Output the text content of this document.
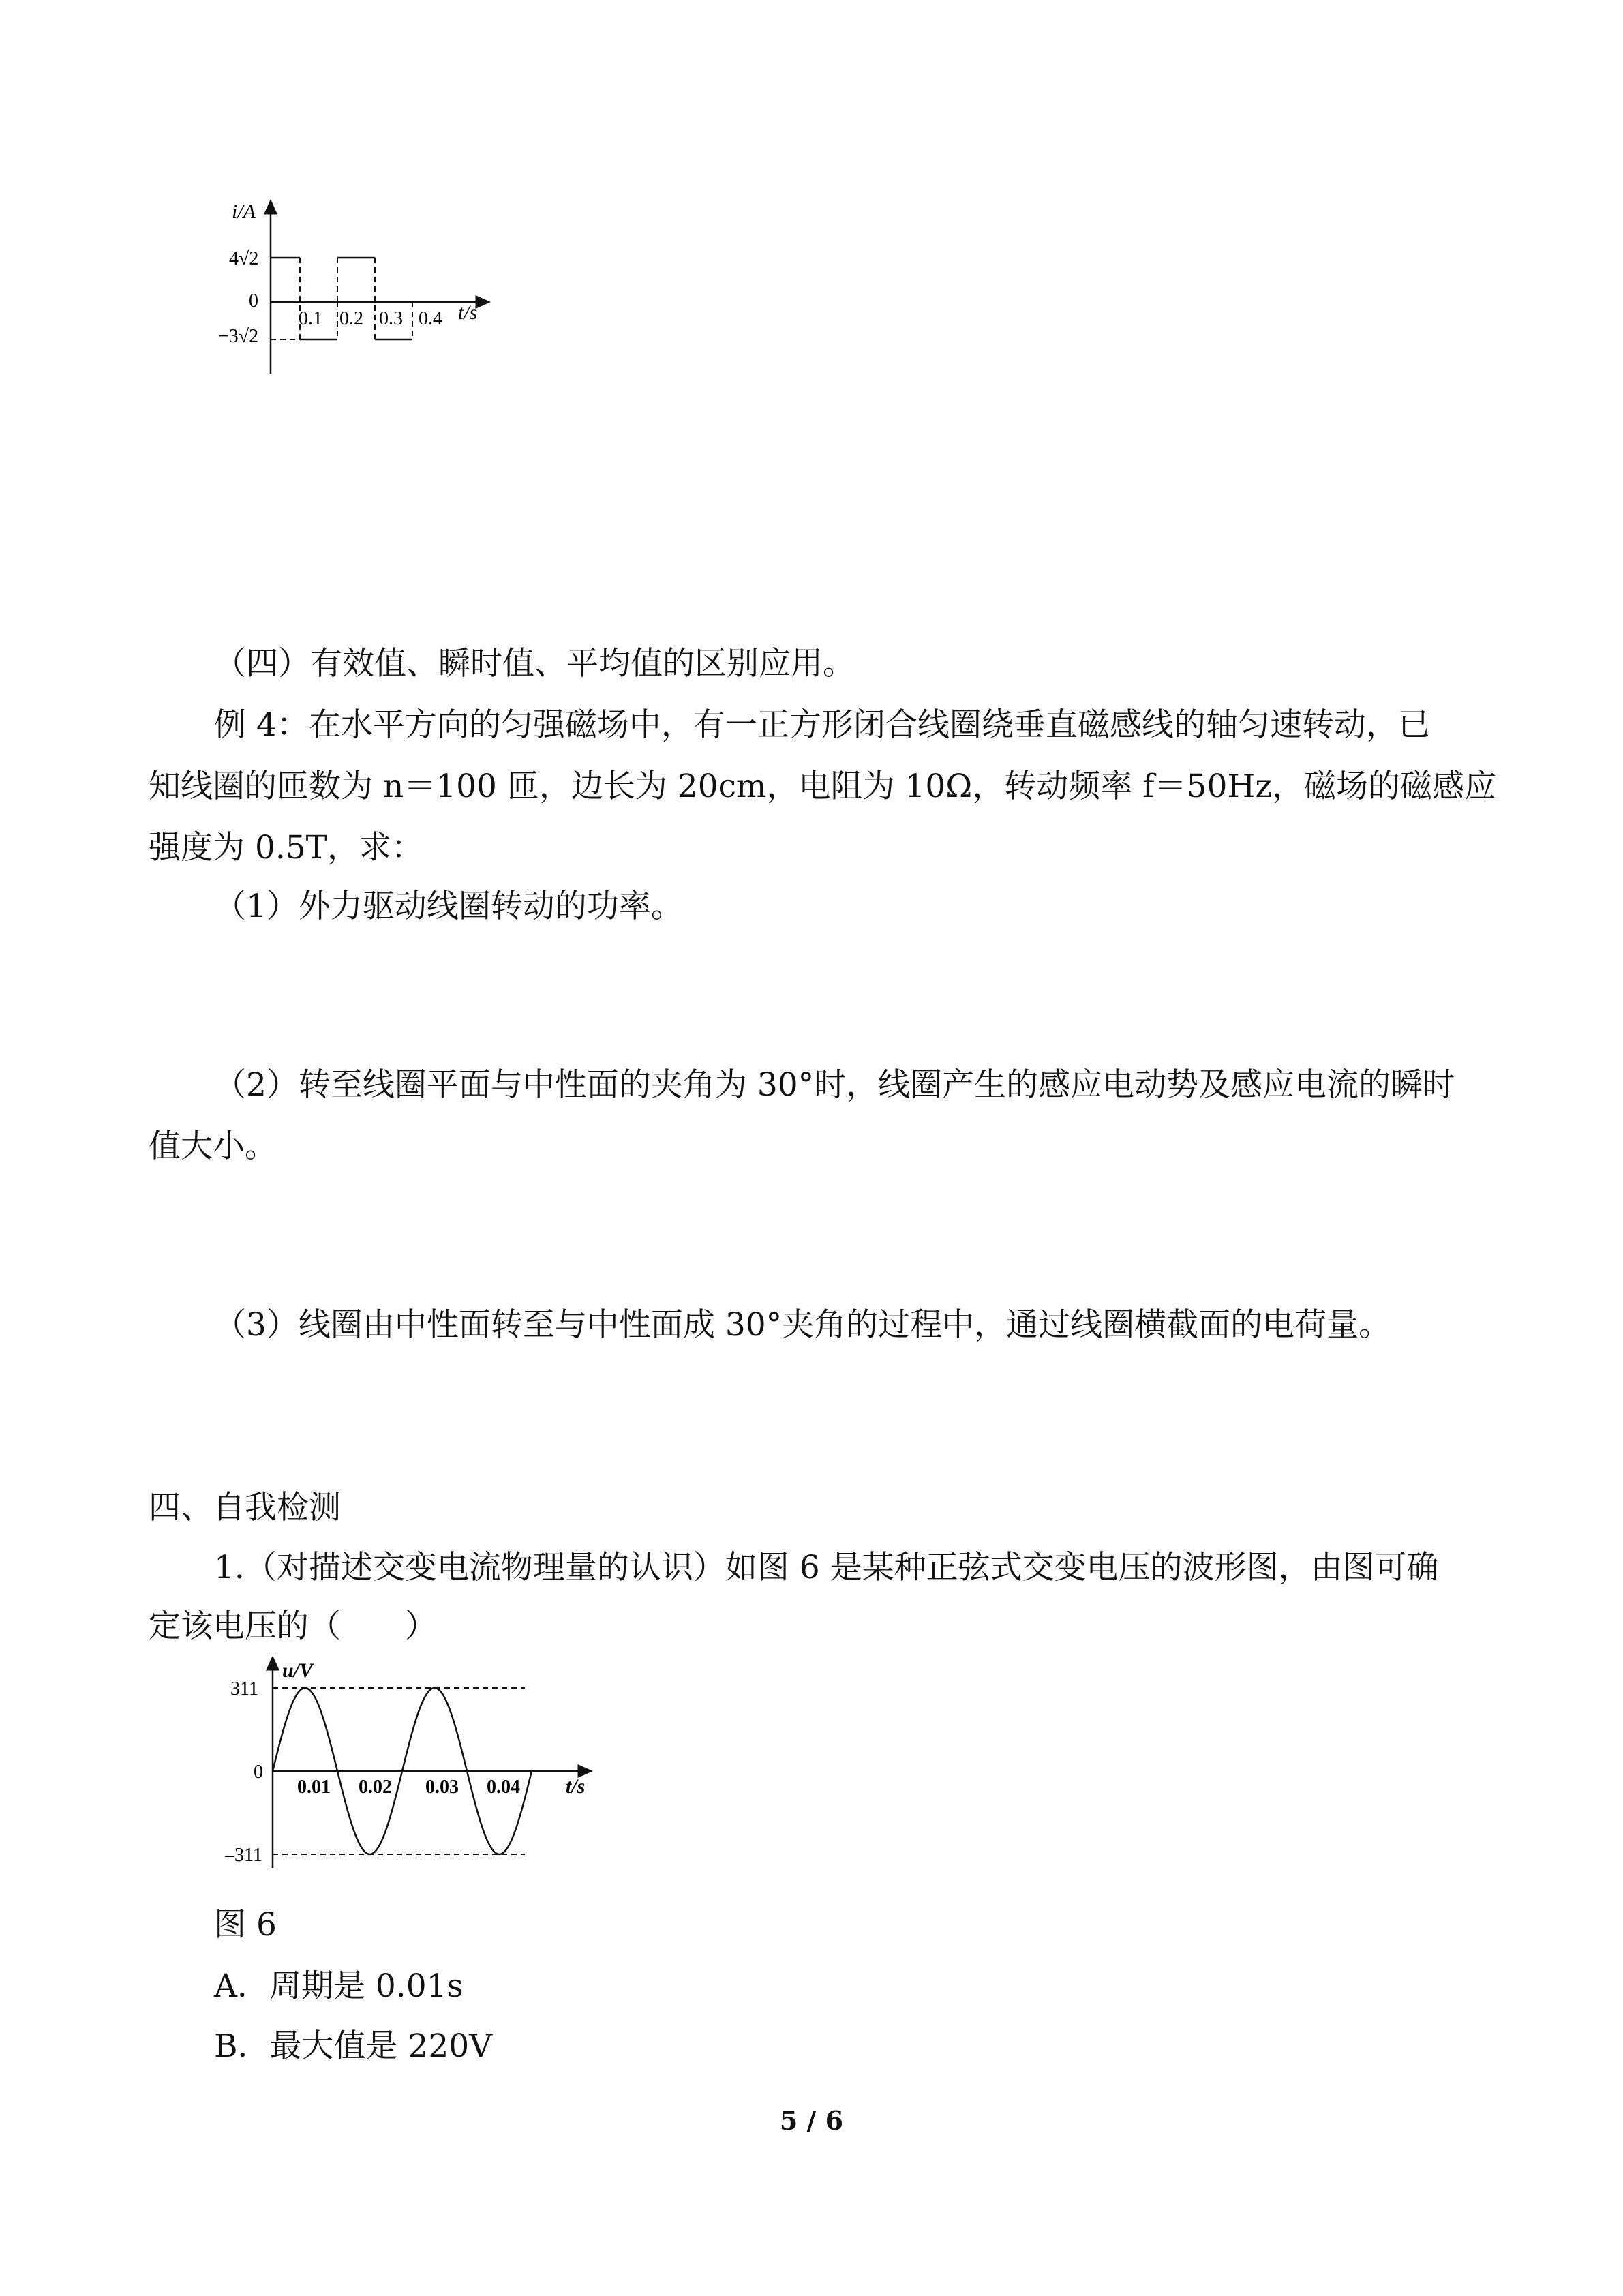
i/A
4√2
0
−3√2
0.1 0.2 0.3 0.4 t/s
（四）有效值、瞬时值、平均值的区别应用。
例 4：在水平方向的匀强磁场中，有一正方形闭合线圈绕垂直磁感线的轴匀速转动，已
知线圈的匝数为 n＝100 匝，边长为 20cm，电阻为 10Ω，转动频率 f＝50Hz，磁场的磁感应
强度为 0.5T，求：
（1）外力驱动线圈转动的功率。
（2）转至线圈平面与中性面的夹角为 30°时，线圈产生的感应电动势及感应电流的瞬时
值大小。
（3）线圈由中性面转至与中性面成 30°夹角的过程中，通过线圈横截面的电荷量。
四、自我检测
1.（对描述交变电流物理量的认识）如图 6 是某种正弦式交变电压的波形图，由图可确
定该电压的（　　）
u/V
311
0
–311
0.01 0.02 0.03 0.04 t/s
图 6
A．周期是 0.01s
B．最大值是 220V
5 / 6
